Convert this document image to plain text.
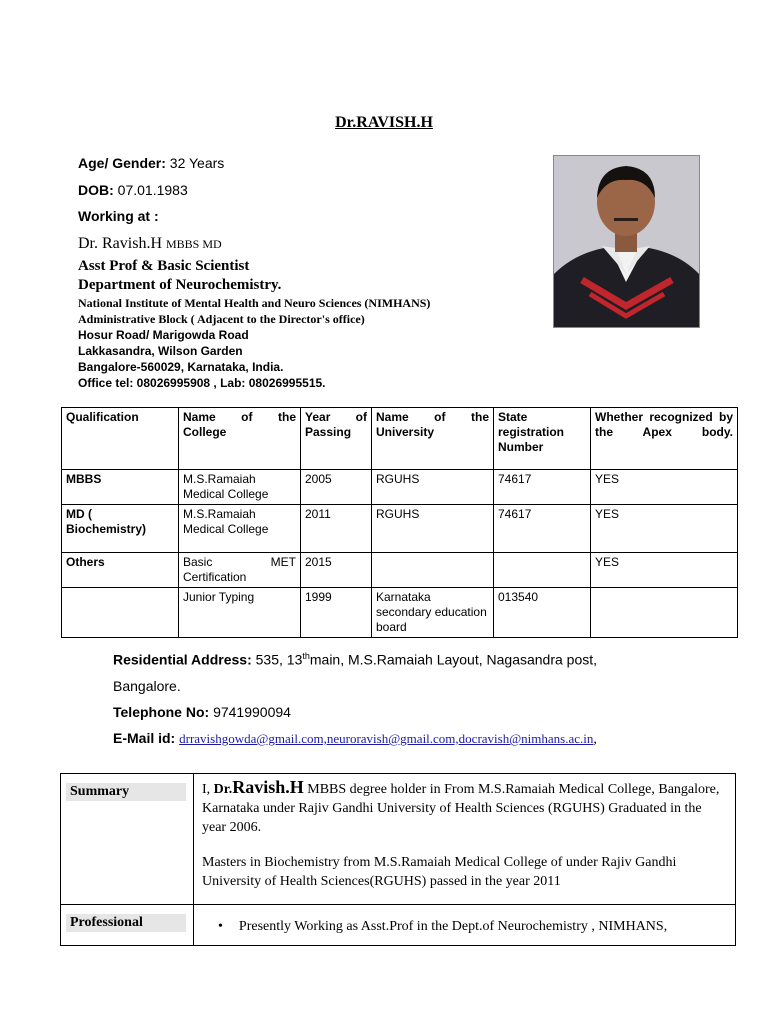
Dr.RAVISH.H
Age/ Gender: 32 Years
DOB: 07.01.1983
Working at :
Dr. Ravish.H MBBS MD
Asst Prof & Basic Scientist
Department of Neurochemistry.
National Institute of Mental Health and Neuro Sciences (NIMHANS)
Administrative Block ( Adjacent to the Director's office)
Hosur Road/ Marigowda Road
Lakkasandra, Wilson Garden
Bangalore-560029, Karnataka, India.
Office tel: 08026995908 , Lab: 08026995515.
Qualification	Name of the College	Year of Passing	Name of the University	State registration Number	Whether recognized by the Apex body.
MBBS	M.S.Ramaiah Medical College	2005	RGUHS	74617	YES
MD ( Biochemistry)	M.S.Ramaiah Medical College	2011	RGUHS	74617	YES
Others	Basic MET Certification	2015			YES
	Junior Typing	1999	Karnataka secondary education board	013540	
Residential Address: 535, 13thmain, M.S.Ramaiah Layout, Nagasandra post,
Bangalore.
Telephone No: 9741990094
E-Mail id: drravishgowda@gmail.com,neuroravish@gmail.com,docravish@nimhans.ac.in,
Summary	I, Dr.Ravish.H MBBS degree holder in From M.S.Ramaiah Medical College, Bangalore, Karnataka under Rajiv Gandhi University of Health Sciences (RGUHS) Graduated in the year 2006.
Masters in Biochemistry from M.S.Ramaiah Medical College of under Rajiv Gandhi University of Health Sciences(RGUHS) passed in the year 2011

Professional	• Presently Working as Asst.Prof in the Dept.of Neurochemistry , NIMHANS,
